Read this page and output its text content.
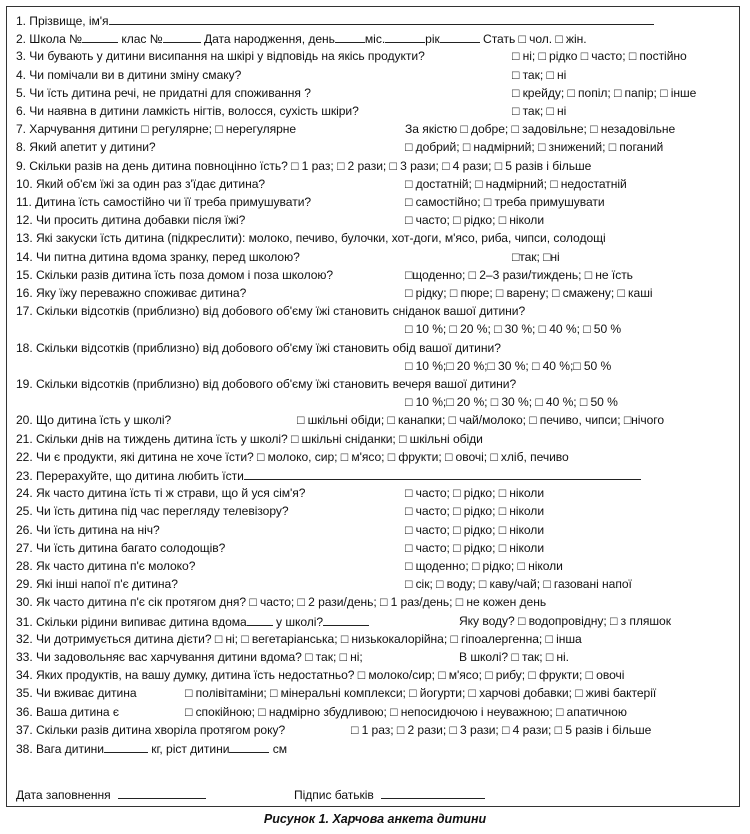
1. Прізвище, ім'я
2. Школа №	клас №	Дата народження, день міс.	рік	Стать □ чол. □ жін.
3. Чи бувають у дитини висипання на шкірі у відповідь на якісь продукти?	□ ні; □ рідко □ часто; □ постійно
4. Чи помічали ви в дитини зміну смаку?	□ так; □ ні
5. Чи їсть дитина речі, не придатні для споживання ?	□ крейду; □ попіл; □ папір; □ інше
6. Чи наявна в дитини ламкість нігтів, волосся, сухість шкіри?	□ так; □ ні
7. Харчування дитини □ регулярне; □ нерегулярне	За якістю □ добре; □ задовільне; □ незадовільне
8. Який апетит у дитини?	□ добрий; □ надмірний; □ знижений; □ поганий
9. Скільки разів на день дитина повноцінно їсть? □ 1 раз; □ 2 рази; □ 3 рази; □ 4 рази; □ 5 разів і більше
10. Який об'єм їжі за один раз з'їдає дитина?	□ достатній; □ надмірний; □ недостатній
11. Дитина їсть самостійно чи її треба примушувати?	□ самостійно; □ треба примушувати
12. Чи просить дитина добавки після їжі?	□ часто; □ рідко; □ ніколи
13. Які закуски їсть дитина (підкреслити): молоко, печиво, булочки, хот-доги, м'ясо, риба, чипси, солодощі
14. Чи питна дитина вдома зранку, перед школою?	□так; □ні
15. Скільки разів дитина їсть поза домом і поза школою?	□щоденно; □ 2–3 рази/тиждень; □ не їсть
16. Яку їжу переважно споживає дитина?	□ рідку; □ пюре; □ варену; □ смажену; □ каші
17. Скільки відсотків (приблизно) від добового об'єму їжі становить сніданок вашої дитини?
□ 10 %; □ 20 %; □ 30 %; □ 40 %; □ 50 %
18. Скільки відсотків (приблизно) від добового об'єму їжі становить обід вашої дитини?
□ 10 %;□ 20 %;□ 30 %; □ 40 %;□ 50 %
19. Скільки відсотків (приблизно) від добового об'єму їжі становить вечеря вашої дитини?
□ 10 %;□ 20 %; □ 30 %; □ 40 %; □ 50 %
20. Що дитина їсть у школі?	□ шкільні обіди; □ канапки; □ чай/молоко; □ печиво, чипси; □нічого
21. Скільки днів на тиждень дитина їсть у школі? □ шкільні сніданки; □ шкільні обіди
22. Чи є продукти, які дитина не хоче їсти? □ молоко, сир; □ м'ясо; □ фрукти; □ овочі; □ хліб, печиво
23. Перерахуйте, що дитина любить їсти
24. Як часто дитина їсть ті ж страви, що й уся сім'я?	□ часто; □ рідко; □ ніколи
25. Чи їсть дитина під час перегляду телевізору?	□ часто; □ рідко; □ ніколи
26. Чи їсть дитина на ніч?	□ часто; □ рідко; □ ніколи
27. Чи їсть дитина багато солодощів?	□ часто; □ рідко; □ ніколи
28. Як часто дитина п'є молоко?	□ щоденно; □ рідко; □ ніколи
29. Які інші напої п'є дитина?	□ сік; □ воду; □ каву/чай; □ газовані напої
30. Як часто дитина п'є сік протягом дня? □ часто; □ 2 рази/день; □ 1 раз/день; □ не кожен день
31. Скільки рідини випиває дитина вдома у школі?	Яку воду? □ водопровідну; □ з пляшок
32. Чи дотримується дитина дієти? □ ні; □ вегетаріанська; □ низькокалорійна; □ гіпоалергенна; □ інша
33. Чи задовольняє вас харчування дитини вдома? □ так; □ ні;	В школі? □ так; □ ні.
34. Яких продуктів, на вашу думку, дитина їсть недостатньо? □ молоко/сир; □ м'ясо; □ рибу; □ фрукти; □ овочі
35. Чи вживає дитина	□ полівітаміни; □ мінеральні комплекси; □ йогурти; □ харчові добавки; □ живі бактерії
36. Ваша дитина є	□ спокійною; □ надмірно збудливою; □ непосидючою і неуважною; □ апатичною
37. Скільки разів дитина хворіла протягом року?	□ 1 раз; □ 2 рази; □ 3 рази; □ 4 рази; □ 5 разів і більше
38. Вага дитини	кг, ріст дитини	см
Дата заповнення	Підпис батьків
Рисунок 1. Харчова анкета дитини
